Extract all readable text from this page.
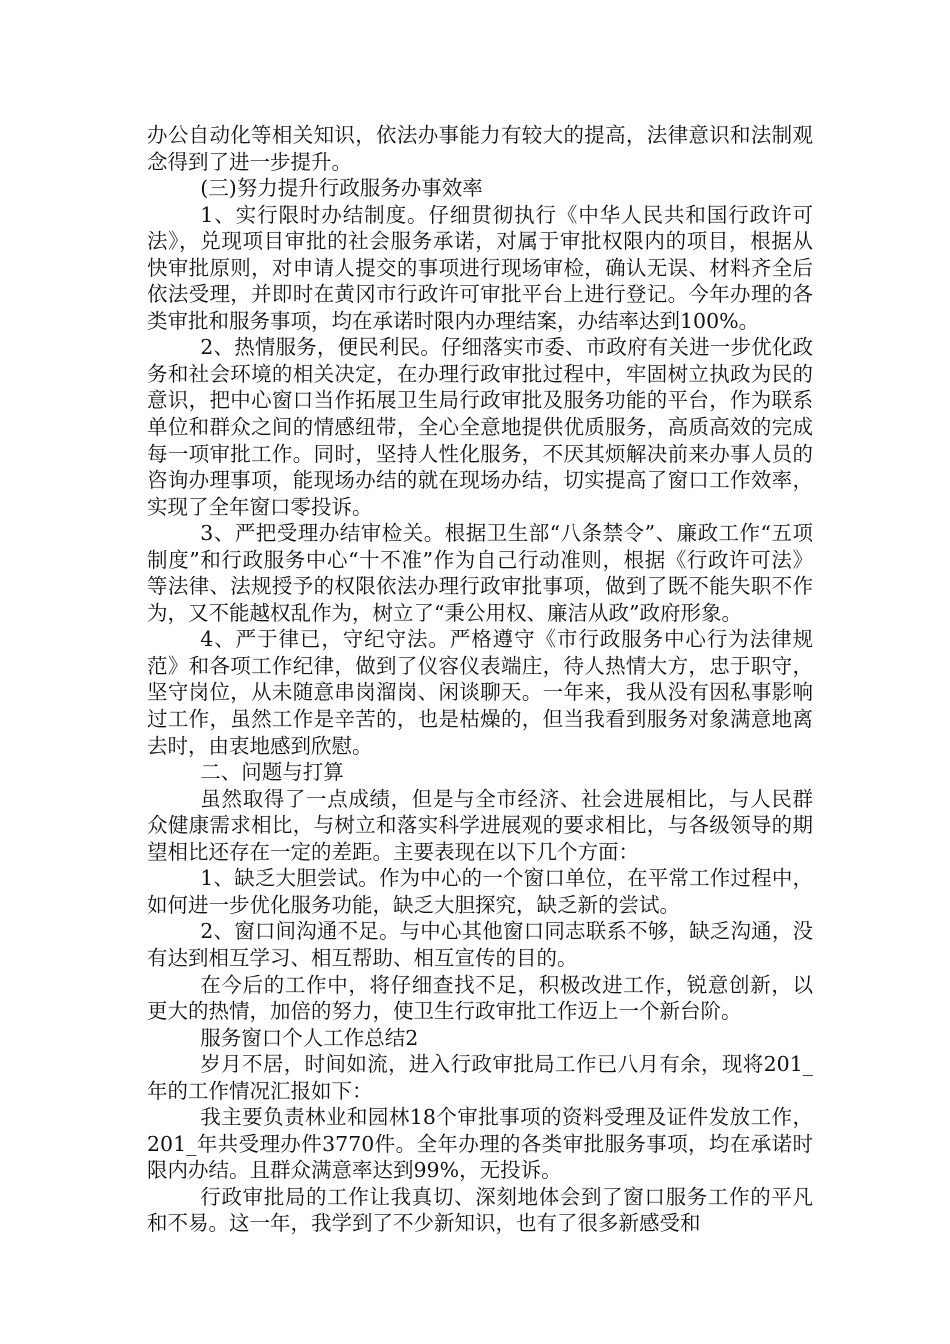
办公自动化等相关知识，依法办事能力有较大的提高，法律意识和法制观念得到了进一步提升。

(三)努力提升行政服务办事效率

1、实行限时办结制度。仔细贯彻执行《中华人民共和国行政许可法》，兑现项目审批的社会服务承诺，对属于审批权限内的项目，根据从快审批原则，对申请人提交的事项进行现场审检，确认无误、材料齐全后依法受理，并即时在黄冈市行政许可审批平台上进行登记。今年办理的各类审批和服务事项，均在承诺时限内办理结案，办结率达到100%。

2、热情服务，便民利民。仔细落实市委、市政府有关进一步优化政务和社会环境的相关决定，在办理行政审批过程中，牢固树立执政为民的意识，把中心窗口当作拓展卫生局行政审批及服务功能的平台，作为联系单位和群众之间的情感纽带，全心全意地提供优质服务，高质高效的完成每一项审批工作。同时，坚持人性化服务，不厌其烦解决前来办事人员的咨询办理事项，能现场办结的就在现场办结，切实提高了窗口工作效率，实现了全年窗口零投诉。

3、严把受理办结审检关。根据卫生部“八条禁令”、廉政工作“五项制度”和行政服务中心“十不准”作为自己行动准则，根据《行政许可法》等法律、法规授予的权限依法办理行政审批事项，做到了既不能失职不作为，又不能越权乱作为，树立了“秉公用权、廉洁从政”政府形象。

4、严于律已，守纪守法。严格遵守《市行政服务中心行为法律规范》和各项工作纪律，做到了仪容仪表端庄，待人热情大方，忠于职守，坚守岗位，从未随意串岗溜岗、闲谈聊天。一年来，我从没有因私事影响过工作，虽然工作是辛苦的，也是枯燥的，但当我看到服务对象满意地离去时，由衷地感到欣慰。

二、问题与打算

虽然取得了一点成绩，但是与全市经济、社会进展相比，与人民群众健康需求相比，与树立和落实科学进展观的要求相比，与各级领导的期望相比还存在一定的差距。主要表现在以下几个方面：

1、缺乏大胆尝试。作为中心的一个窗口单位，在平常工作过程中，如何进一步优化服务功能，缺乏大胆探究，缺乏新的尝试。

2、窗口间沟通不足。与中心其他窗口同志联系不够，缺乏沟通，没有达到相互学习、相互帮助、相互宣传的目的。

在今后的工作中，将仔细查找不足，积极改进工作，锐意创新，以更大的热情，加倍的努力，使卫生行政审批工作迈上一个新台阶。

服务窗口个人工作总结2

岁月不居，时间如流，进入行政审批局工作已八月有余，现将201_年的工作情况汇报如下：

我主要负责林业和园林18个审批事项的资料受理及证件发放工作，201_年共受理办件3770件。全年办理的各类审批服务事项，均在承诺时限内办结。且群众满意率达到99%，无投诉。

行政审批局的工作让我真切、深刻地体会到了窗口服务工作的平凡和不易。这一年，我学到了不少新知识，也有了很多新感受和
